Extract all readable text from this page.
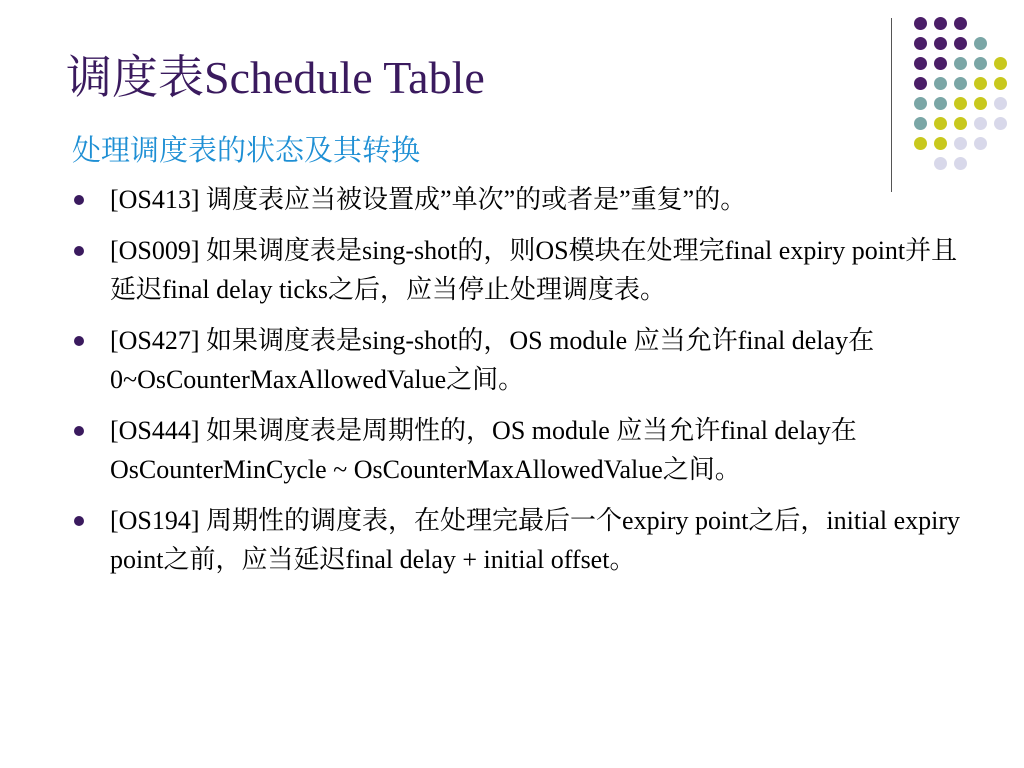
调度表Schedule Table
处理调度表的状态及其转换
[OS413] 调度表应当被设置成”单次”的或者是”重复”的。
[OS009] 如果调度表是sing-shot的，则OS模块在处理完final expiry point并且延迟final delay ticks之后，应当停止处理调度表。
[OS427] 如果调度表是sing-shot的，OS module 应当允许final delay在0~OsCounterMaxAllowedValue之间。
[OS444] 如果调度表是周期性的，OS module 应当允许final delay在OsCounterMinCycle ~ OsCounterMaxAllowedValue之间。
[OS194] 周期性的调度表，在处理完最后一个expiry point之后，initial expiry point之前，应当延迟final delay + initial offset。
